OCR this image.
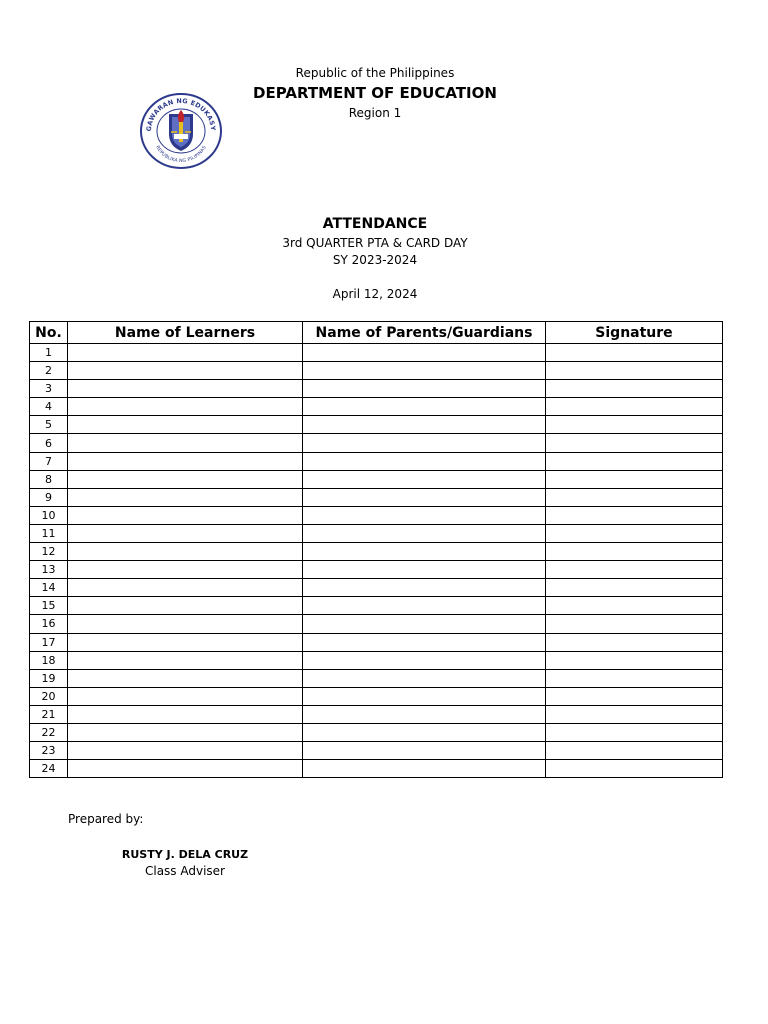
Republic of the Philippines
DEPARTMENT OF EDUCATION
Region 1
GAWARAN NG EDUKASY
REPUBLIKA NG PILIPINAS
ATTENDANCE
3rd QUARTER PTA & CARD DAY
SY 2023-2024
April 12, 2024
No.	Name of Learners	Name of Parents/Guardians	Signature
1			
2			
3			
4			
5			
6			
7			
8			
9			
10			
11			
12			
13			
14			
15			
16			
17			
18			
19			
20			
21			
22			
23			
24			
Prepared by:
RUSTY J. DELA CRUZ
Class Adviser
